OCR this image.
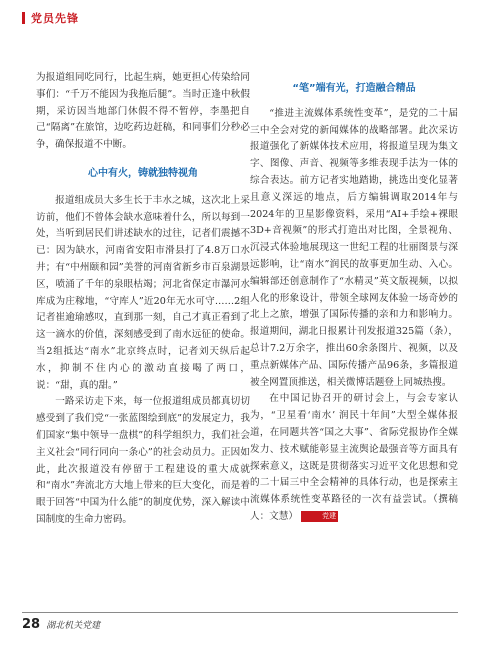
党员先锋

为报道组同吃同行，比起生病，她更担心传染给同事们：“千万不能因为我拖后腿”。当时正逢中秋假期，采访因当地部门休假不得不暂停，李墨把自己“隔离”在旅馆，边吃药边赶稿，和同事们分秒必争，确保报道不中断。

心中有火，铸就独特视角

报道组成员大多生长于丰水之城，这次北上采访前，他们不曾体会缺水意味着什么，所以每到一处，当听到居民们讲述缺水的过往，记者们震撼不已：因为缺水，河南省安阳市滑县打了4.8万口水井；有“中州颐和园”美誉的河南省新乡市百泉湖景区，喷涌了千年的泉眼枯竭；河北省保定市瀑河水库成为庄稼地，“守库人”近20年无水可守……2组记者崔逾瑜感叹，直到那一刻，自己才真正看到了这一滴水的价值，深刻感受到了南水远征的使命。当2组抵达“南水”北京终点时，记者刘天纵后起水，抑制不住内心的激动直接喝了两口，说：“甜，真的甜。”

一路采访走下来，每一位报道组成员都真切切感受到了我们党“一张蓝图绘到底”的发展定力，我们国家“集中领导一盘棋”的科学组织力，我们社会主义社会“同行同向一条心”的社会动员力。正因如此，此次报道没有停留于工程建设的重大成就和“南水”奔流北方大地上带来的巨大变化，而是着眼于回答“中国为什么能”的制度优势，深入解读中国制度的生命力密码。

“笔”端有光，打造融合精品

“推进主流媒体系统性变革”，是党的二十届三中全会对党的新闻媒体的战略部署。此次采访报道强化了新媒体技术应用，将报道呈现为集文字、图像、声音、视频等多维表现手法为一体的综合表达。前方记者实地踏勘，挑选出变化显著且意义深远的地点，后方编辑调取2014年与2024年的卫星影像资料，采用“AI+手绘+裸眼3D+音视频”的形式打造出对比图，全景视角、沉浸式体验地展现这一世纪工程的壮丽图景与深远影响，让“南水”润民的故事更加生动、入心。编辑部还创意制作了“水精灵”英文版视频，以拟人化的形象设计，带领全球网友体验一场奇妙的北上之旅，增强了国际传播的亲和力和影响力。报道期间，湖北日报累计刊发报道325篇（条），总计7.2万余字，推出60余条图片、视频，以及重点新媒体产品、国际传播产品96条，多篇报道被全网置顶推送，相关微博话题登上同城热搜。

在中国记协召开的研讨会上，与会专家认为，“卫星看‘南水’ 润民十年间”大型全媒体报道，在同题共答“国之大事”、省际党报协作全媒发力、技术赋能彰显主流舆论最强音等方面具有探索意义，这既是贯彻落实习近平文化思想和党的二十届三中全会精神的具体行动，也是探索主流媒体系统性变革路径的一次有益尝试。（撰稿人：文慧）	党建

28 湖北机关党建
